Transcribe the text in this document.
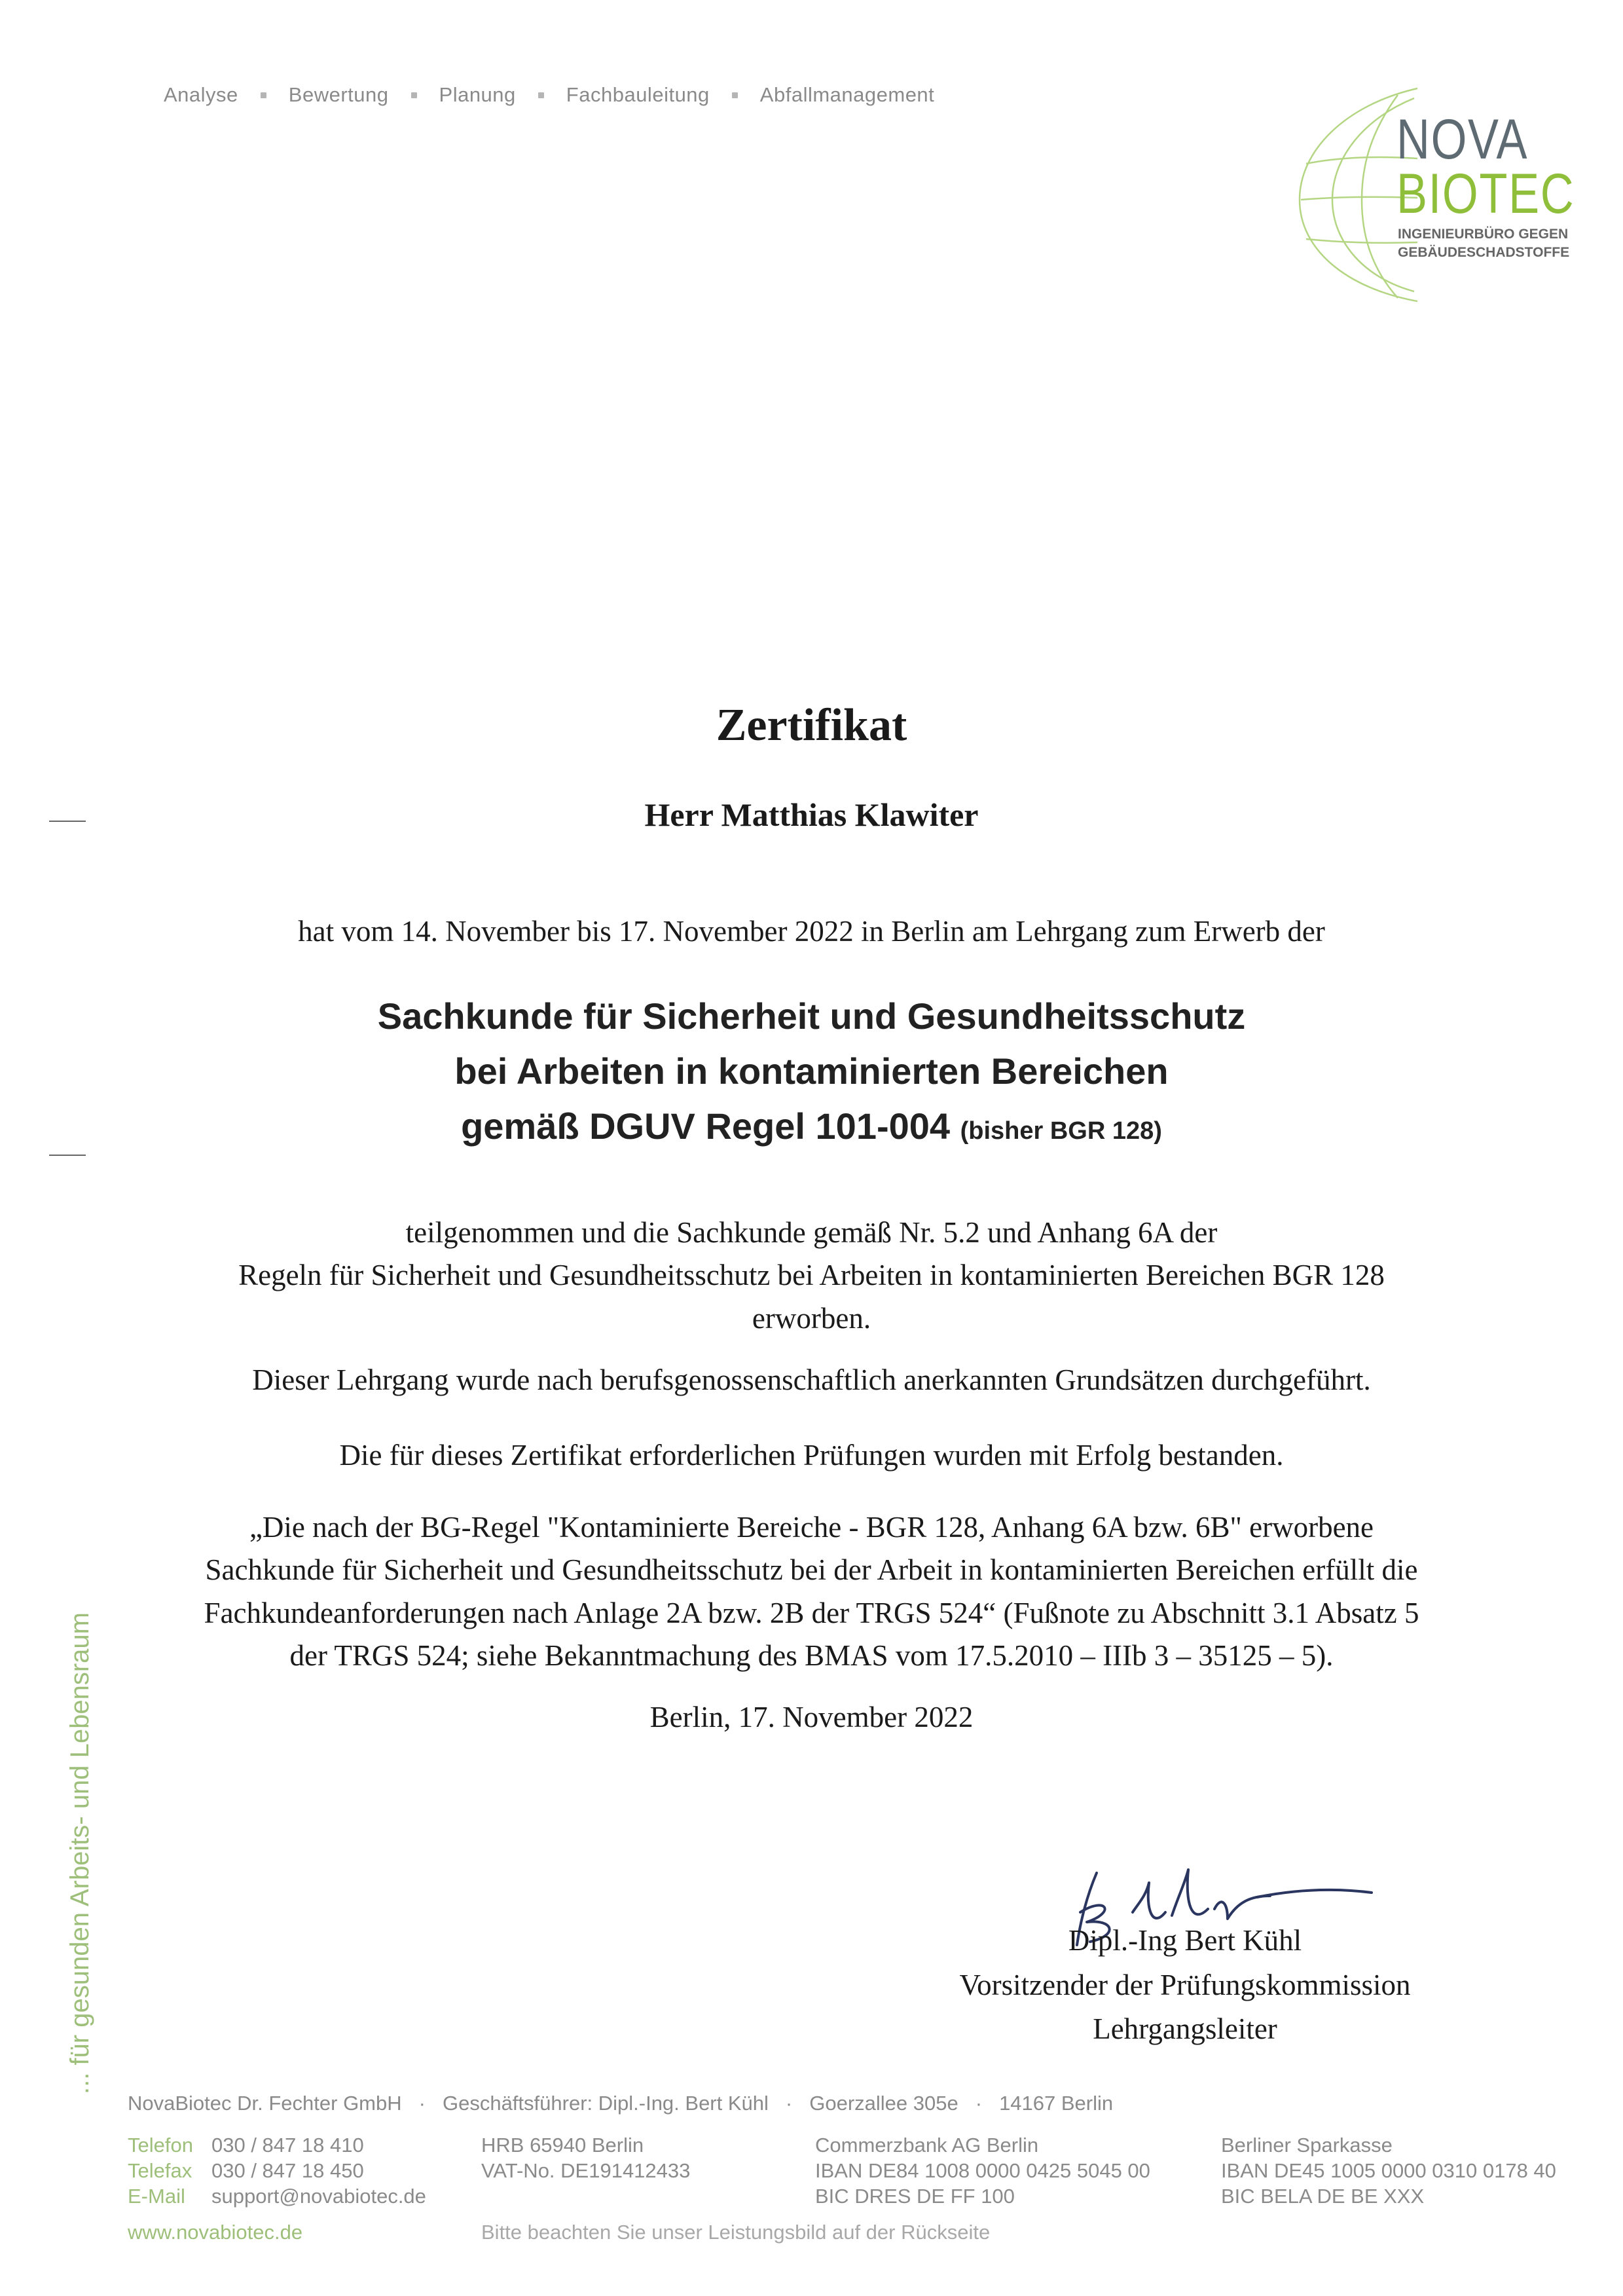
Analyse Bewertung Planung Fachbauleitung Abfallmanagement
NOVA
BIOTEC
INGENIEURBÜRO GEGEN
GEBÄUDESCHADSTOFFE
... für gesunden Arbeits- und Lebensraum
Zertifikat
Herr Matthias Klawiter
hat vom 14. November bis 17. November 2022 in Berlin am Lehrgang zum Erwerb der
Sachkunde für Sicherheit und Gesundheitsschutz
bei Arbeiten in kontaminierten Bereichen
gemäß DGUV Regel 101-004 (bisher BGR 128)
teilgenommen und die Sachkunde gemäß Nr. 5.2 und Anhang 6A der
Regeln für Sicherheit und Gesundheitsschutz bei Arbeiten in kontaminierten Bereichen BGR 128
erworben.
Dieser Lehrgang wurde nach berufsgenossenschaftlich anerkannten Grundsätzen durchgeführt.
Die für dieses Zertifikat erforderlichen Prüfungen wurden mit Erfolg bestanden.
„Die nach der BG-Regel "Kontaminierte Bereiche - BGR 128, Anhang 6A bzw. 6B" erworbene
Sachkunde für Sicherheit und Gesundheitsschutz bei der Arbeit in kontaminierten Bereichen erfüllt die
Fachkundeanforderungen nach Anlage 2A bzw. 2B der TRGS 524“ (Fußnote zu Abschnitt 3.1 Absatz 5
der TRGS 524; siehe Bekanntmachung des BMAS vom 17.5.2010 – IIIb 3 – 35125 – 5).
Berlin, 17. November 2022
Dipl.-Ing Bert Kühl
Vorsitzender der Prüfungskommission
Lehrgangsleiter
NovaBiotec Dr. Fechter GmbH · Geschäftsführer: Dipl.-Ing. Bert Kühl · Goerzallee 305e · 14167 Berlin
Telefon 030 / 847 18 410
Telefax 030 / 847 18 450
E-Mail support@novabiotec.de
HRB 65940 Berlin
VAT-No. DE191412433
Commerzbank AG Berlin
IBAN DE84 1008 0000 0425 5045 00
BIC DRES DE FF 100
Berliner Sparkasse
IBAN DE45 1005 0000 0310 0178 40
BIC BELA DE BE XXX
www.novabiotec.de	Bitte beachten Sie unser Leistungsbild auf der Rückseite
